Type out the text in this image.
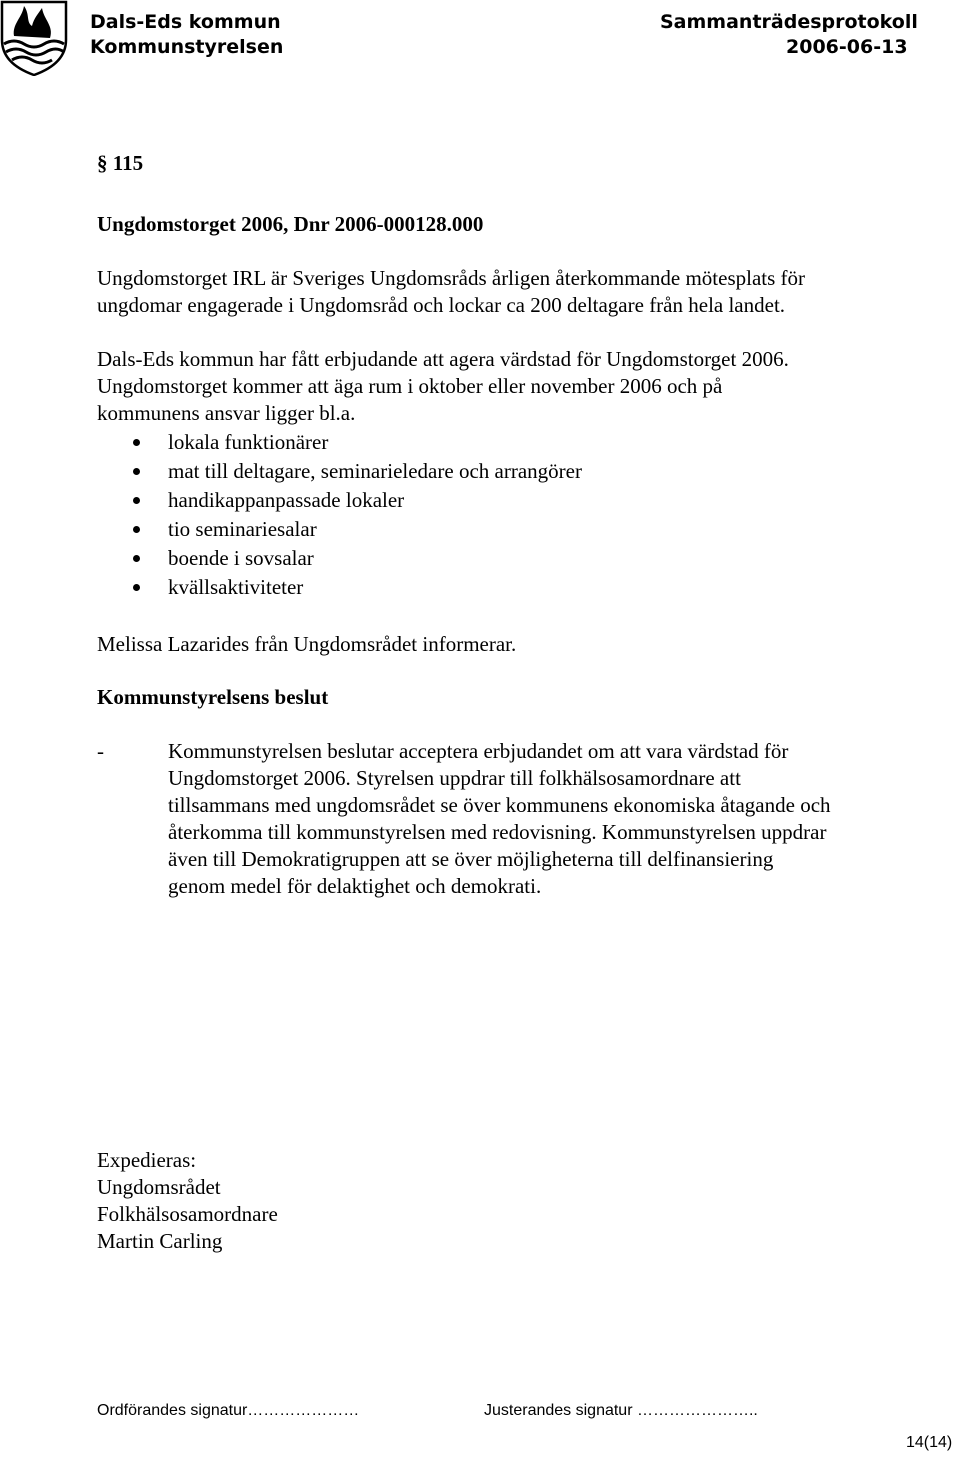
Dals-Eds kommun
Kommunstyrelsen
Sammanträdesprotokoll
2006-06-13
§ 115
Ungdomstorget 2006, Dnr 2006-000128.000
Ungdomstorget IRL är Sveriges Ungdomsråds årligen återkommande mötesplats för
ungdomar engagerade i Ungdomsråd och lockar ca 200 deltagare från hela landet.
Dals-Eds kommun har fått erbjudande att agera värdstad för Ungdomstorget 2006.
Ungdomstorget kommer att äga rum i oktober eller november 2006 och på
kommunens ansvar ligger bl.a.
lokala funktionärer
mat till deltagare, seminarieledare och arrangörer
handikappanpassade lokaler
tio seminariesalar
boende i sovsalar
kvällsaktiviteter
Melissa Lazarides från Ungdomsrådet informerar.
Kommunstyrelsens beslut
-	Kommunstyrelsen beslutar acceptera erbjudandet om att vara värdstad för
Ungdomstorget 2006. Styrelsen uppdrar till folkhälsosamordnare att
tillsammans med ungdomsrådet se över kommunens ekonomiska åtagande och
återkomma till kommunstyrelsen med redovisning. Kommunstyrelsen uppdrar
även till Demokratigruppen att se över möjligheterna till delfinansiering
genom medel för delaktighet och demokrati.
Expedieras:
Ungdomsrådet
Folkhälsosamordnare
Martin Carling
Ordförandes signatur…………………	Justerandes signatur …………………..
14(14)
